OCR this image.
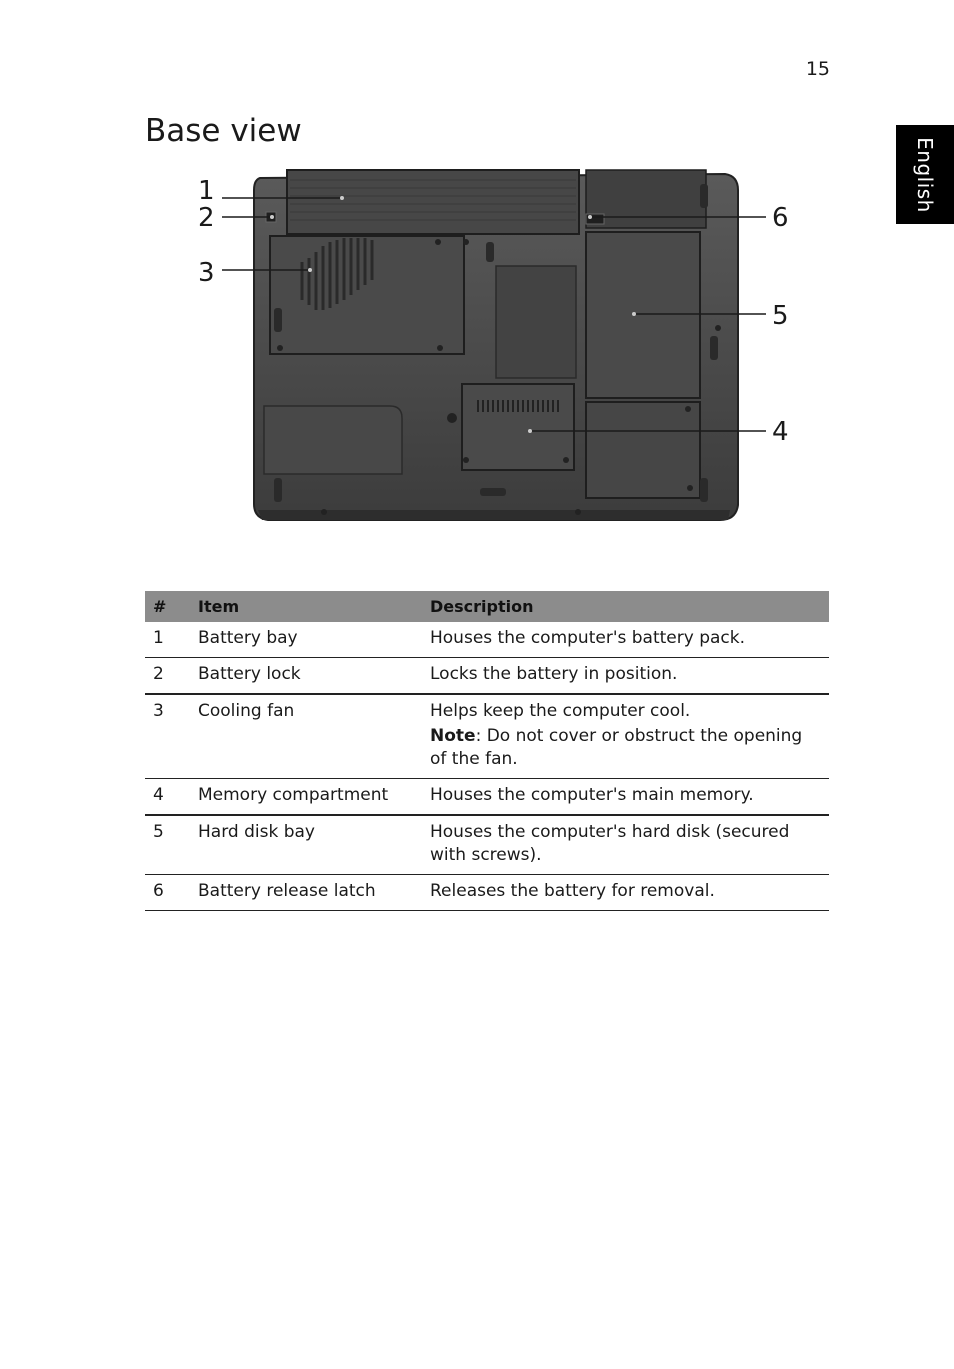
15
English
Base view
1
2
3
4
5
6
#	Item	Description
1	Battery bay	Houses the computer's battery pack.
2	Battery lock	Locks the battery in position.
3	Cooling fan	Helps keep the computer cool.
Note: Do not cover or obstruct the opening of the fan.

4	Memory compartment	Houses the computer's main memory.
5	Hard disk bay	Houses the computer's hard disk (secured with screws).
6	Battery release latch	Releases the battery for removal.
